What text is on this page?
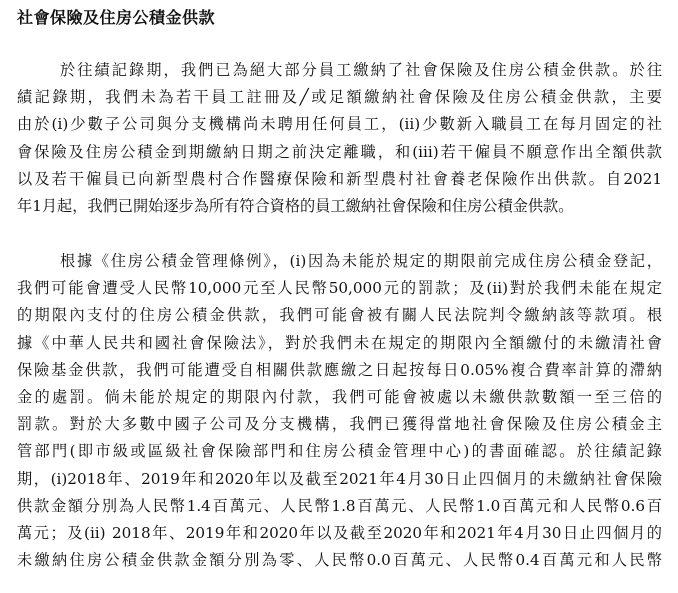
社會保險及住房公積金供款
於往績記錄期，我們已為絕大部分員工繳納了社會保險及住房公積金供款。於往
績記錄期，我們未為若干員工註冊及╱或足額繳納社會保險及住房公積金供款，主要
由於(i)少數子公司與分支機構尚未聘用任何員工，(ii)少數新入職員工在每月固定的社
會保險及住房公積金到期繳納日期之前決定離職，和(iii)若干僱員不願意作出全額供款
以及若干僱員已向新型農村合作醫療保險和新型農村社會養老保險作出供款。自2021
年1月起，我們已開始逐步為所有符合資格的員工繳納社會保險和住房公積金供款。
根據《住房公積金管理條例》，(i)因為未能於規定的期限前完成住房公積金登記，
我們可能會遭受人民幣10,000元至人民幣50,000元的罰款；及(ii)對於我們未能在規定
的期限內支付的住房公積金供款，我們可能會被有關人民法院判令繳納該等款項。根
據《中華人民共和國社會保險法》，對於我們未在規定的期限內全額繳付的未繳清社會
保險基金供款，我們可能遭受自相關供款應繳之日起按每日0.05%複合費率計算的滯納
金的處罰。倘未能於規定的期限內付款，我們可能會被處以未繳供款數額一至三倍的
罰款。對於大多數中國子公司及分支機構，我們已獲得當地社會保險及住房公積金主
管部門(即市級或區級社會保險部門和住房公積金管理中心)的書面確認。於往績記錄
期，(i)2018年、2019年和2020年以及截至2021年4月30日止四個月的未繳納社會保險
供款金額分別為人民幣1.4百萬元、人民幣1.8百萬元、人民幣1.0百萬元和人民幣0.6百
萬元；及(ii) 2018年、2019年和2020年以及截至2020年和2021年4月30日止四個月的
未繳納住房公積金供款金額分別為零、人民幣0.0百萬元、人民幣0.4百萬元和人民幣
